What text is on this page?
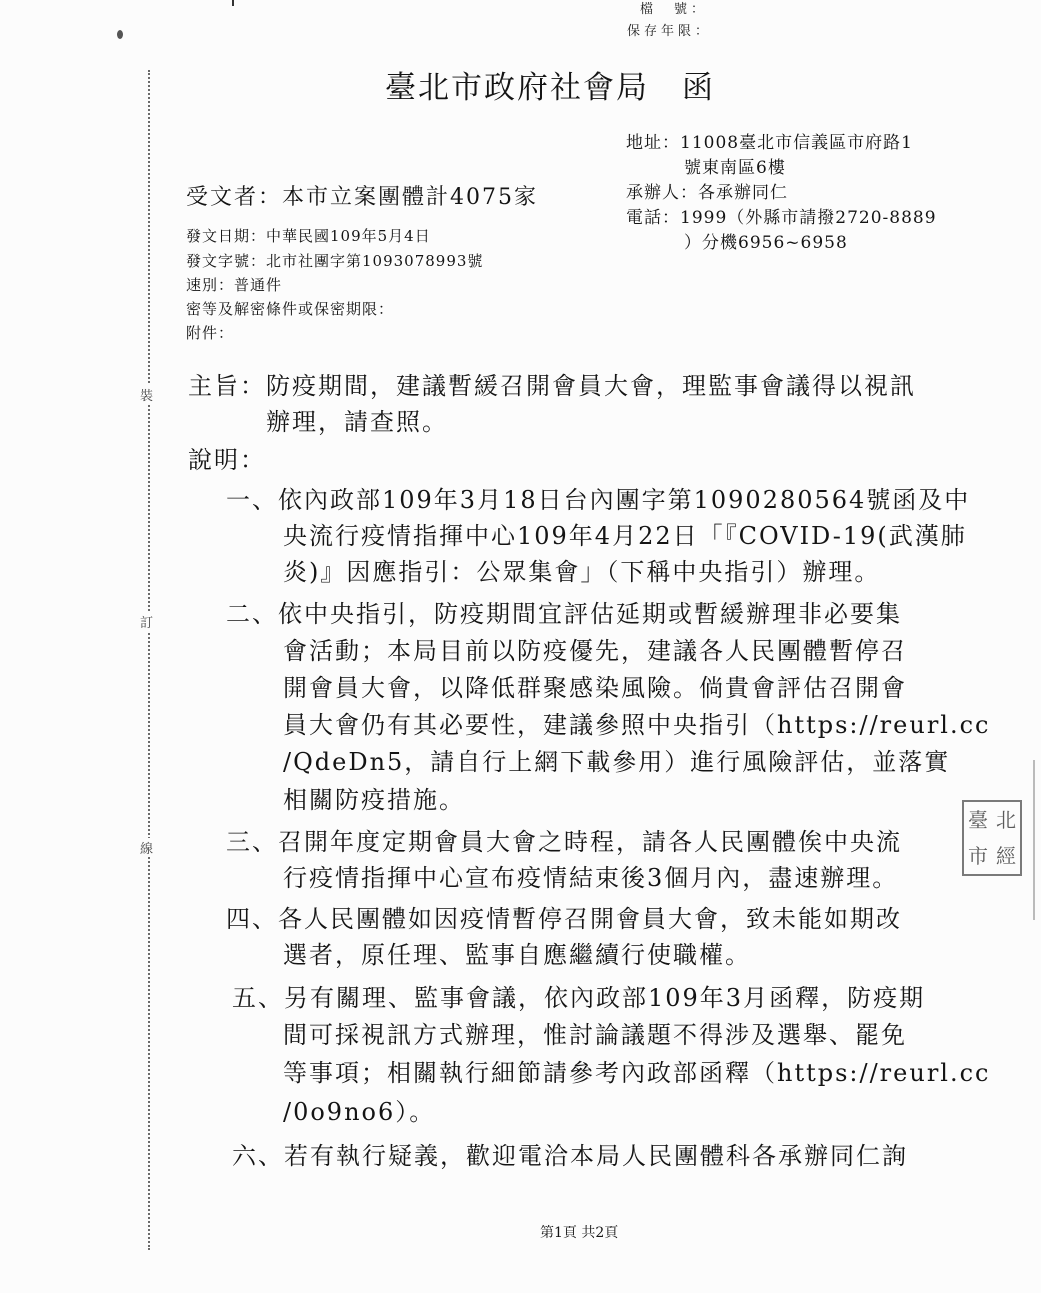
裝
訂
線
檔　號：
保存年限：
臺北市政府社會局　函
地址：11008臺北市信義區市府路1
號東南區6樓
承辦人：各承辦同仁
電話：1999（外縣市請撥2720-8889
）分機6956~6958
受文者：本市立案團體計4075家
發文日期：中華民國109年5月4日
發文字號：北市社團字第1093078993號
速別：普通件
密等及解密條件或保密期限：
附件：
主旨：防疫期間，建議暫緩召開會員大會，理監事會議得以視訊
辦理，請查照。
說明：
一、依內政部109年3月18日台內團字第1090280564號函及中
央流行疫情指揮中心109年4月22日「『COVID-19(武漢肺
炎)』因應指引：公眾集會」（下稱中央指引）辦理。
二、依中央指引，防疫期間宜評估延期或暫緩辦理非必要集
會活動；本局目前以防疫優先，建議各人民團體暫停召
開會員大會，以降低群聚感染風險。倘貴會評估召開會
員大會仍有其必要性，建議參照中央指引（https://reurl.cc
/QdeDn5，請自行上網下載參用）進行風險評估，並落實
相關防疫措施。
三、召開年度定期會員大會之時程，請各人民團體俟中央流
行疫情指揮中心宣布疫情結束後3個月內，盡速辦理。
四、各人民團體如因疫情暫停召開會員大會，致未能如期改
選者，原任理、監事自應繼續行使職權。
五、另有關理、監事會議，依內政部109年3月函釋，防疫期
間可採視訊方式辦理，惟討論議題不得涉及選舉、罷免
等事項；相關執行細節請參考內政部函釋（https://reurl.cc
/0o9no6）。
六、若有執行疑義，歡迎電洽本局人民團體科各承辦同仁詢
臺 北
市 經
第1頁 共2頁
